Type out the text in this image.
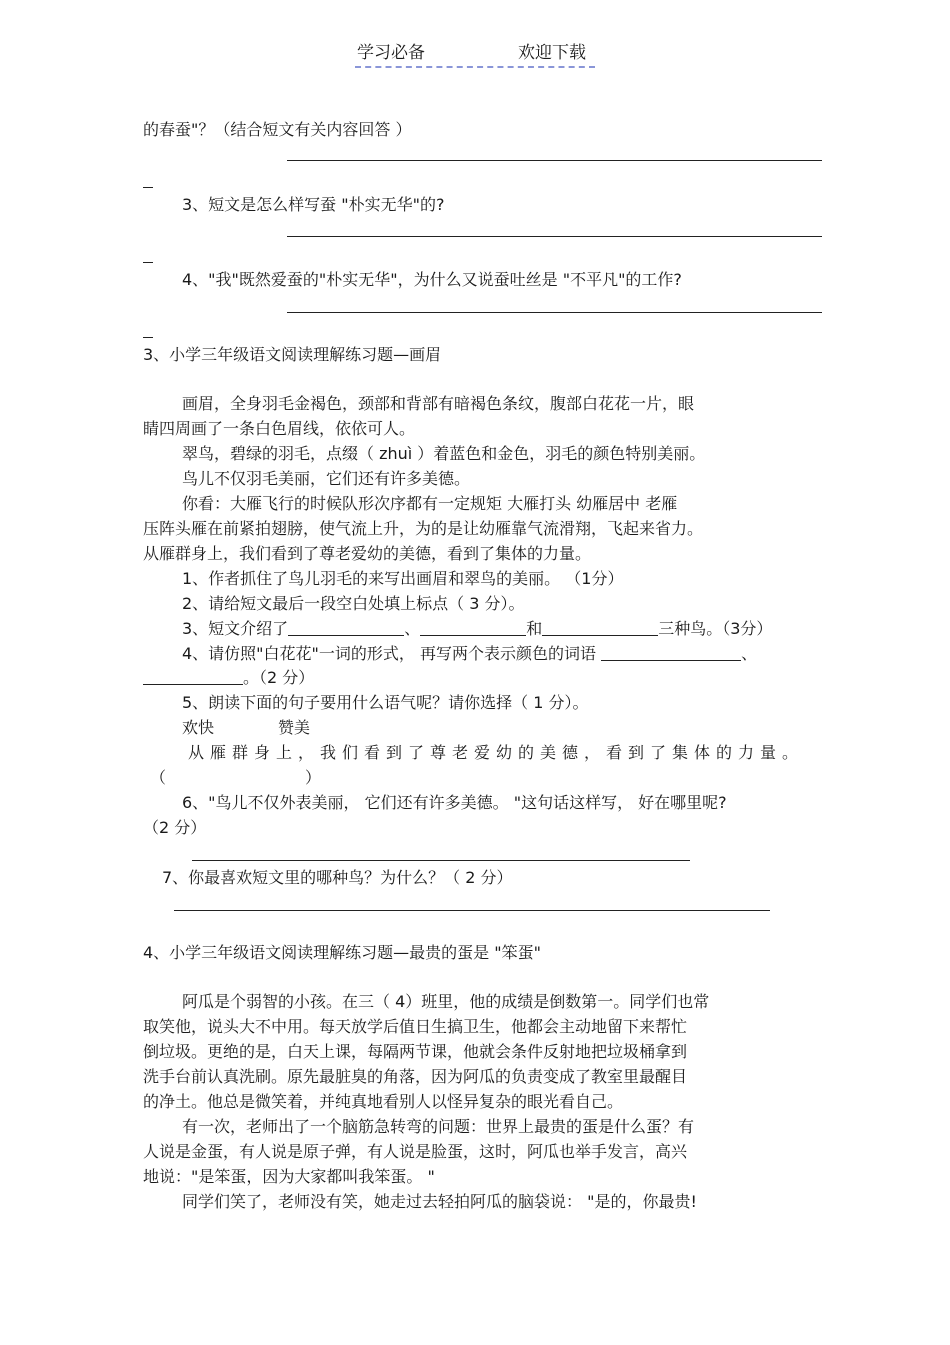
学习必备	欢迎下载
的春蚕"？（结合短文有关内容回答 ）
3、短文是怎么样写蚕 "朴实无华"的?
4、"我"既然爱蚕的"朴实无华"，为什么又说蚕吐丝是 "不平凡"的工作?
3、小学三年级语文阅读理解练习题—画眉
画眉，全身羽毛金褐色，颈部和背部有暗褐色条纹，腹部白花花一片，眼
睛四周画了一条白色眉线，依依可人。
翠鸟，碧绿的羽毛，点缀（ zhuì ）着蓝色和金色，羽毛的颜色特别美丽。
鸟儿不仅羽毛美丽，它们还有许多美德。
你看：大雁飞行的时候队形次序都有一定规矩 大雁打头 幼雁居中 老雁
压阵头雁在前紧拍翅膀，使气流上升，为的是让幼雁靠气流滑翔，飞起来省力。
从雁群身上，我们看到了尊老爱幼的美德，看到了集体的力量。
1、作者抓住了鸟儿羽毛的来写出画眉和翠鸟的美丽。 （1分）
2、请给短文最后一段空白处填上标点（ 3 分）。
3、短文介绍了	、	和	三种鸟。（3分）
4、请仿照"白花花"一词的形式， 再写两个表示颜色的词语	、
。（2 分）
5、朗读下面的句子要用什么语气呢？请你选择（ 1 分）。
欢快	赞美
从雁群身上，我们看到了尊老爱幼的美德，看到了集体的力量。
（	）
6、"鸟儿不仅外表美丽， 它们还有许多美德。 "这句话这样写， 好在哪里呢?
（2 分）
7、你最喜欢短文里的哪种鸟？为什么？（ 2 分）
4、小学三年级语文阅读理解练习题—最贵的蛋是 "笨蛋"
阿瓜是个弱智的小孩。在三（ 4）班里，他的成绩是倒数第一。同学们也常
取笑他，说头大不中用。每天放学后值日生搞卫生，他都会主动地留下来帮忙
倒垃圾。更绝的是，白天上课，每隔两节课，他就会条件反射地把垃圾桶拿到
洗手台前认真洗刷。原先最脏臭的角落，因为阿瓜的负责变成了教室里最醒目
的净土。他总是微笑着，并纯真地看别人以怪异复杂的眼光看自己。
有一次，老师出了一个脑筋急转弯的问题：世界上最贵的蛋是什么蛋？有
人说是金蛋，有人说是原子弹，有人说是脸蛋，这时，阿瓜也举手发言，高兴
地说："是笨蛋，因为大家都叫我笨蛋。 "
同学们笑了，老师没有笑，她走过去轻拍阿瓜的脑袋说： "是的，你最贵!
